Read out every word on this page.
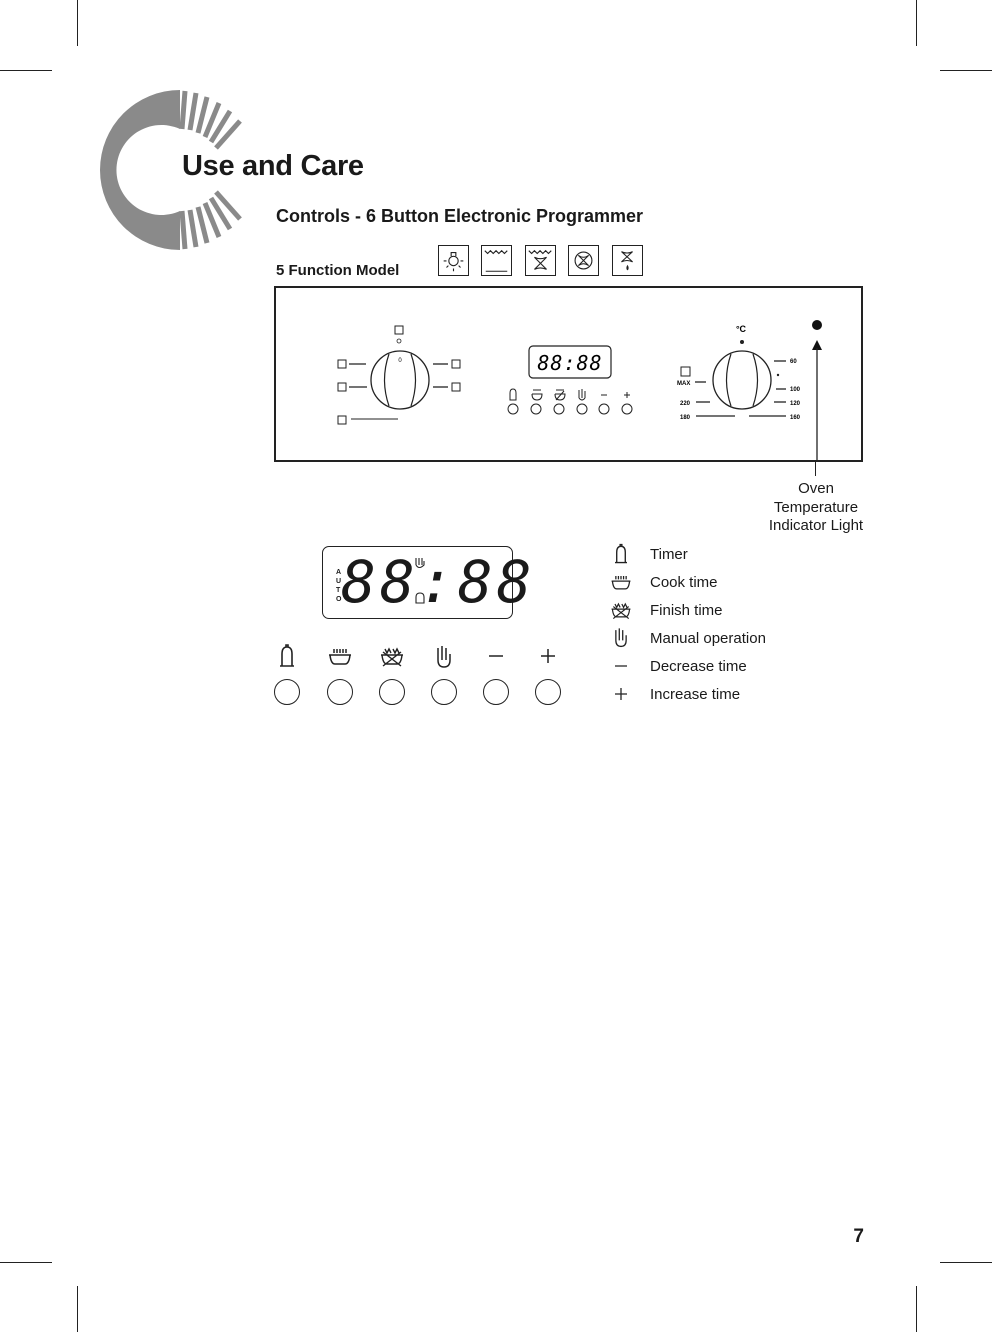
Use and Care
Controls - 6 Button Electronic Programmer
5 Function Model
0	88:88
°C
MAX
220
180
60
100
120
160
Oven
Temperature
Indicator Light
A
U
T
O 88:88	Timer
Cook time
Finish time
Manual operation
Decrease time
Increase time
7
